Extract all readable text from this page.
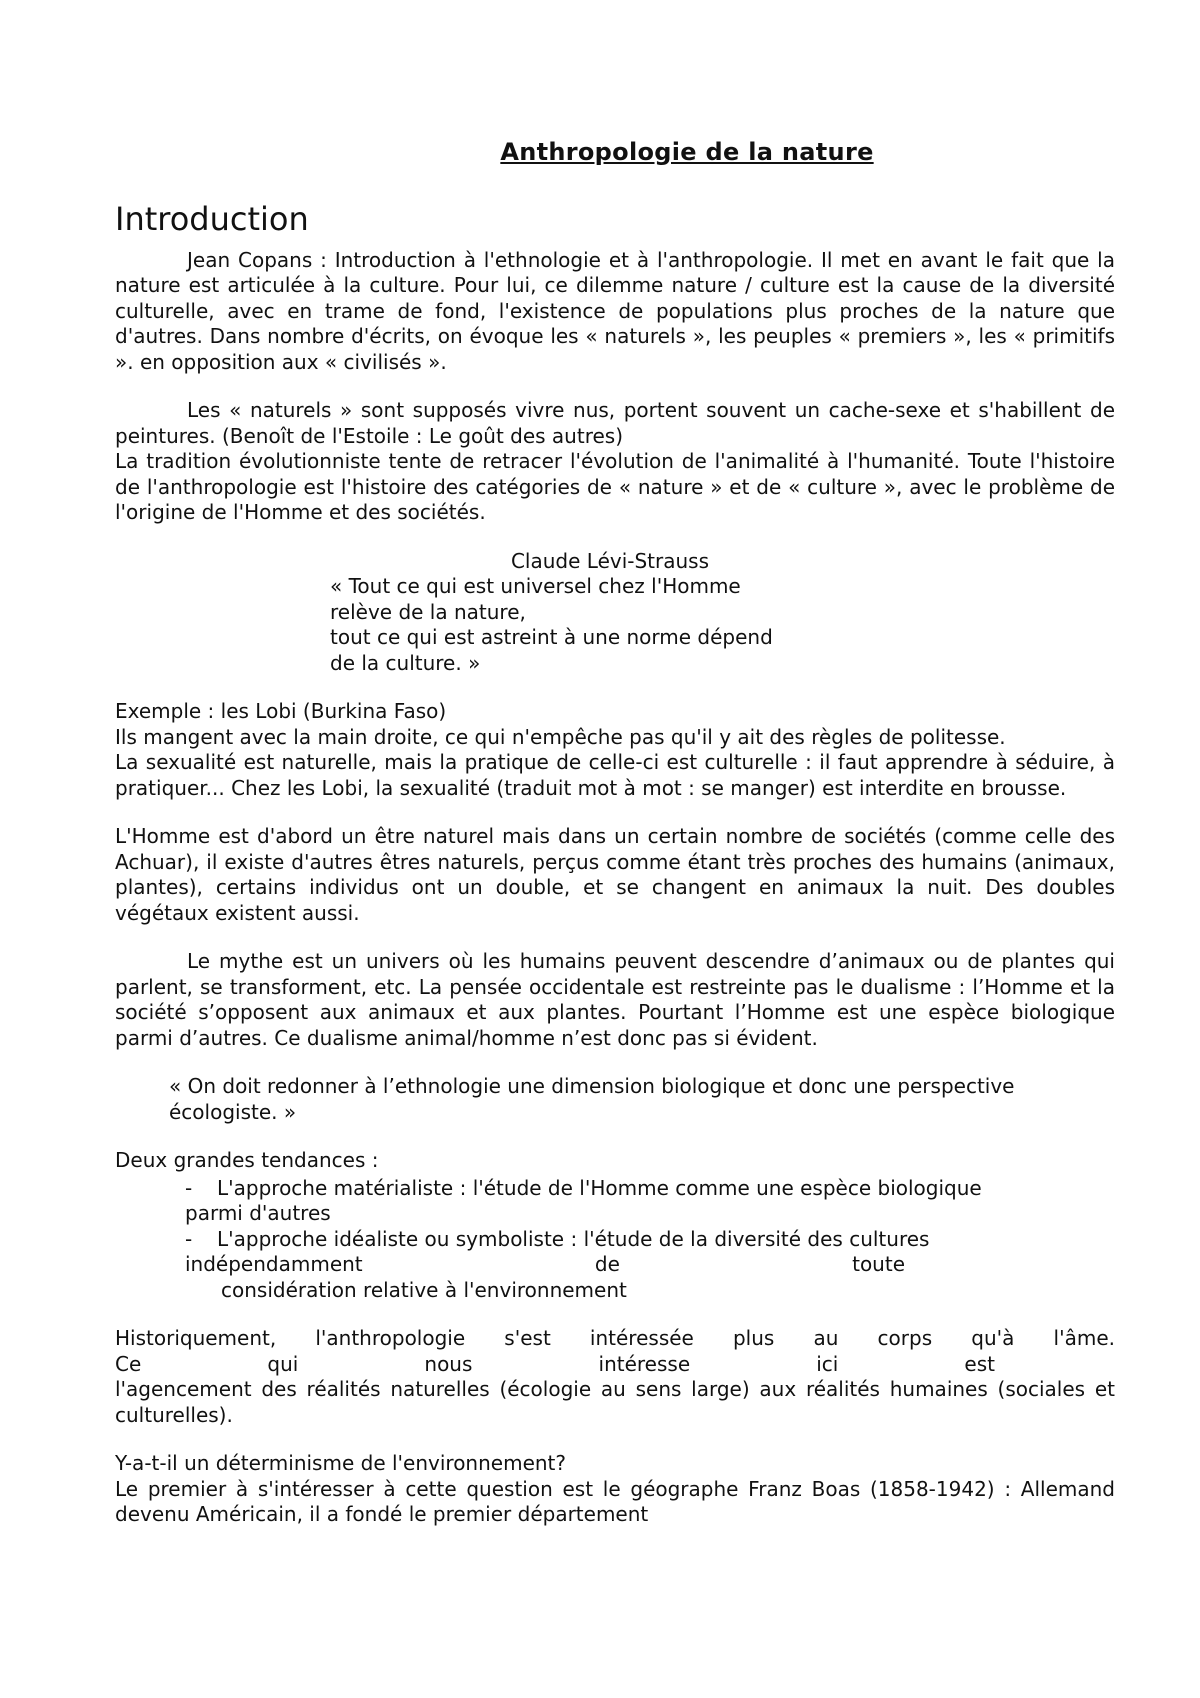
Anthropologie de la nature
Introduction

Jean Copans : Introduction à l'ethnologie et à l'anthropologie. Il met en avant le fait que la nature est articulée à la culture. Pour lui, ce dilemme nature / culture est la cause de la diversité culturelle, avec en trame de fond, l'existence de populations plus proches de la nature que d'autres. Dans nombre d'écrits, on évoque les « naturels », les peuples « premiers », les « primitifs ». en opposition aux « civilisés ».

Les « naturels » sont supposés vivre nus, portent souvent un cache-sexe et s'habillent de peintures. (Benoît de l'Estoile : Le goût des autres)

La tradition évolutionniste tente de retracer l'évolution de l'animalité à l'humanité. Toute l'histoire de l'anthropologie est l'histoire des catégories de « nature » et de « culture », avec le problème de l'origine de l'Homme et des sociétés.

Claude Lévi-Strauss
« Tout ce qui est universel chez l'Homme
relève de la nature,
tout ce qui est astreint à une norme dépend
de la culture. »

Exemple : les Lobi (Burkina Faso)

Ils mangent avec la main droite, ce qui n'empêche pas qu'il y ait des règles de politesse.

La sexualité est naturelle, mais la pratique de celle-ci est culturelle : il faut apprendre à séduire, à pratiquer... Chez les Lobi, la sexualité (traduit mot à mot : se manger) est interdite en brousse.

L'Homme est d'abord un être naturel mais dans un certain nombre de sociétés (comme celle des Achuar), il existe d'autres êtres naturels, perçus comme étant très proches des humains (animaux, plantes), certains individus ont un double, et se changent en animaux la nuit. Des doubles végétaux existent aussi.

Le mythe est un univers où les humains peuvent descendre d’animaux ou de plantes qui parlent, se transforment, etc. La pensée occidentale est restreinte pas le dualisme : l’Homme et la société s’opposent aux animaux et aux plantes. Pourtant l’Homme est une espèce biologique parmi d’autres. Ce dualisme animal/homme n’est donc pas si évident.

« On doit redonner à l’ethnologie une dimension biologique et donc une perspective écologiste. »

Deux grandes tendances :

- L'approche matérialiste : l'étude de l'Homme comme une espèce biologique
parmi d'autres
- L'approche idéaliste ou symboliste : l'étude de la diversité des cultures
indépendamment de toute
considération relative à l'environnement

Historiquement, l'anthropologie s'est intéressée plus au corps qu'à l'âme.

Ce qui nous intéresse ici est

l'agencement des réalités naturelles (écologie au sens large) aux réalités humaines (sociales et culturelles).

Y-a-t-il un déterminisme de l'environnement?

Le premier à s'intéresser à cette question est le géographe Franz Boas (1858-1942) : Allemand devenu Américain, il a fondé le premier département
